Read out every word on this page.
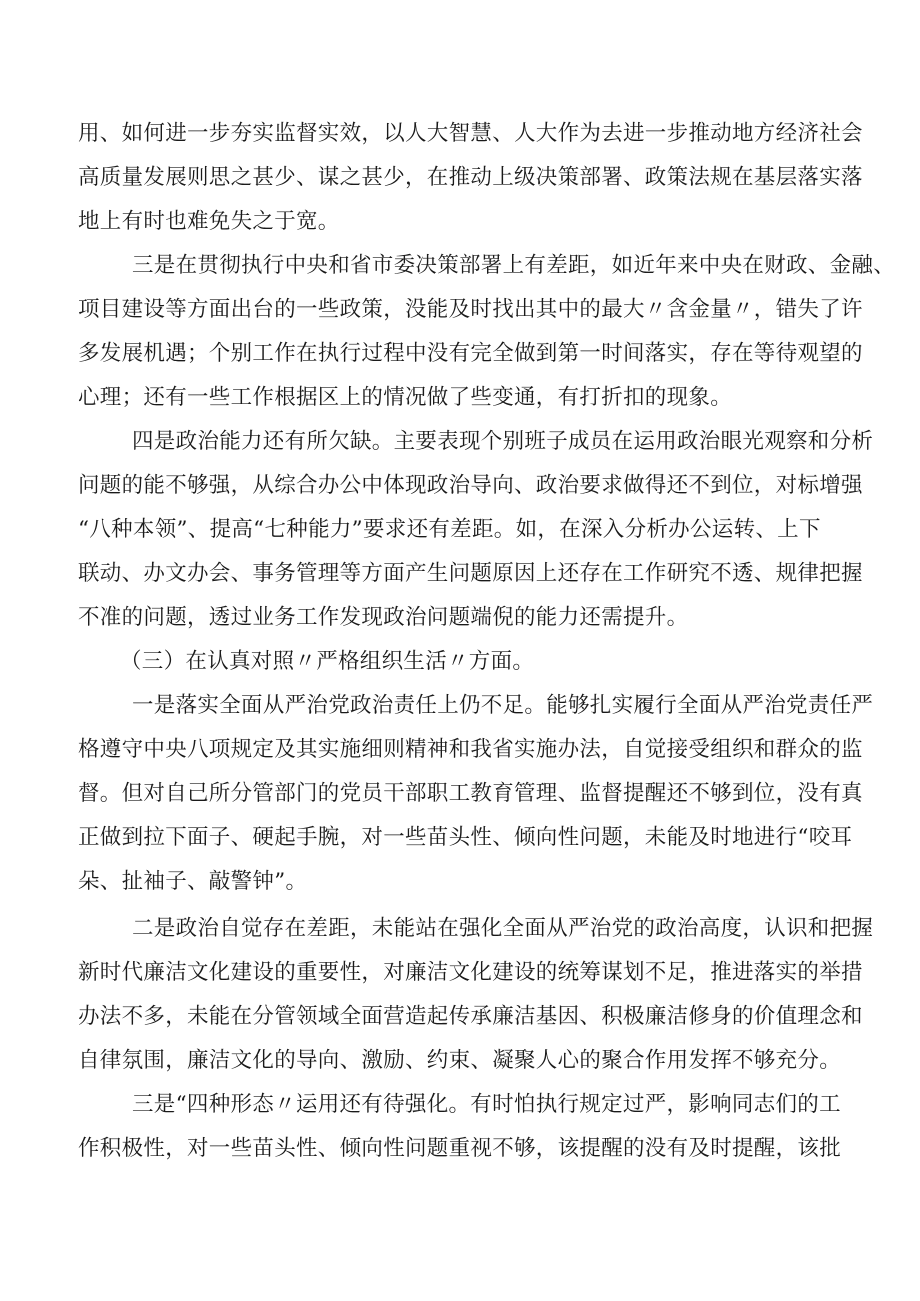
用、如何进一步夯实监督实效，以人大智慧、人大作为去进一步推动地方经济社会
高质量发展则思之甚少、谋之甚少，在推动上级决策部署、政策法规在基层落实落
地上有时也难免失之于宽。
三是在贯彻执行中央和省市委决策部署上有差距，如近年来中央在财政、金融、
项目建设等方面出台的一些政策，没能及时找出其中的最大〃含金量〃，错失了许
多发展机遇；个别工作在执行过程中没有完全做到第一时间落实，存在等待观望的
心理；还有一些工作根据区上的情况做了些变通，有打折扣的现象。
四是政治能力还有所欠缺。主要表现个别班子成员在运用政治眼光观察和分析
问题的能不够强，从综合办公中体现政治导向、政治要求做得还不到位，对标增强
“八种本领”、提高“七种能力”要求还有差距。如，在深入分析办公运转、上下
联动、办文办会、事务管理等方面产生问题原因上还存在工作研究不透、规律把握
不准的问题，透过业务工作发现政治问题端倪的能力还需提升。
（三）在认真对照〃严格组织生活〃方面。
一是落实全面从严治党政治责任上仍不足。能够扎实履行全面从严治党责任严
格遵守中央八项规定及其实施细则精神和我省实施办法，自觉接受组织和群众的监
督。但对自己所分管部门的党员干部职工教育管理、监督提醒还不够到位，没有真
正做到拉下面子、硬起手腕，对一些苗头性、倾向性问题，未能及时地进行“咬耳
朵、扯袖子、敲警钟”。
二是政治自觉存在差距，未能站在强化全面从严治党的政治高度，认识和把握
新时代廉洁文化建设的重要性，对廉洁文化建设的统筹谋划不足，推进落实的举措
办法不多，未能在分管领域全面营造起传承廉洁基因、积极廉洁修身的价值理念和
自律氛围，廉洁文化的导向、激励、约束、凝聚人心的聚合作用发挥不够充分。
三是“四种形态〃运用还有待强化。有时怕执行规定过严，影响同志们的工
作积极性，对一些苗头性、倾向性问题重视不够，该提醒的没有及时提醒，该批
